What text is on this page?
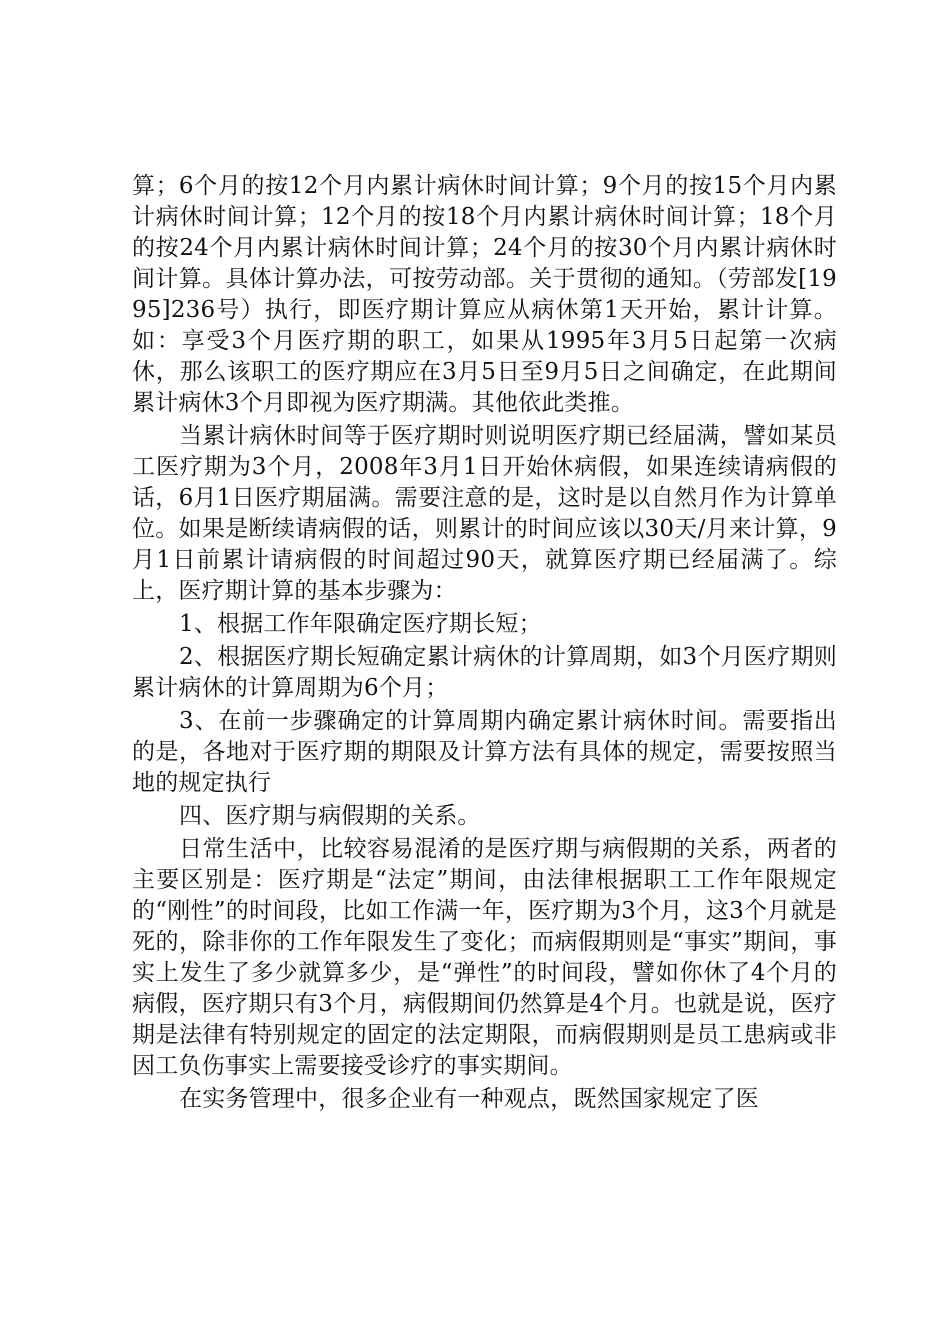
算；6个月的按12个月内累计病休时间计算；9个月的按15个月内累计病休时间计算；12个月的按18个月内累计病休时间计算；18个月的按24个月内累计病休时间计算；24个月的按30个月内累计病休时间计算。具体计算办法，可按劳动部。关于贯彻的通知。（劳部发[1995]236号）执行，即医疗期计算应从病休第1天开始，累计计算。如：享受3个月医疗期的职工，如果从1995年3月5日起第一次病休，那么该职工的医疗期应在3月5日至9月5日之间确定，在此期间累计病休3个月即视为医疗期满。其他依此类推。

当累计病休时间等于医疗期时则说明医疗期已经届满，譬如某员工医疗期为3个月，2008年3月1日开始休病假，如果连续请病假的话，6月1日医疗期届满。需要注意的是，这时是以自然月作为计算单位。如果是断续请病假的话，则累计的时间应该以30天/月来计算，9月1日前累计请病假的时间超过90天，就算医疗期已经届满了。综上，医疗期计算的基本步骤为：

1、根据工作年限确定医疗期长短；

2、根据医疗期长短确定累计病休的计算周期，如3个月医疗期则累计病休的计算周期为6个月；

3、在前一步骤确定的计算周期内确定累计病休时间。需要指出的是，各地对于医疗期的期限及计算方法有具体的规定，需要按照当地的规定执行

四、医疗期与病假期的关系。

日常生活中，比较容易混淆的是医疗期与病假期的关系，两者的主要区别是：医疗期是“法定”期间，由法律根据职工工作年限规定的“刚性”的时间段，比如工作满一年，医疗期为3个月，这3个月就是死的，除非你的工作年限发生了变化；而病假期则是“事实”期间，事实上发生了多少就算多少，是“弹性”的时间段，譬如你休了4个月的病假，医疗期只有3个月，病假期间仍然算是4个月。也就是说，医疗期是法律有特别规定的固定的法定期限，而病假期则是员工患病或非因工负伤事实上需要接受诊疗的事实期间。

在实务管理中，很多企业有一种观点，既然国家规定了医
